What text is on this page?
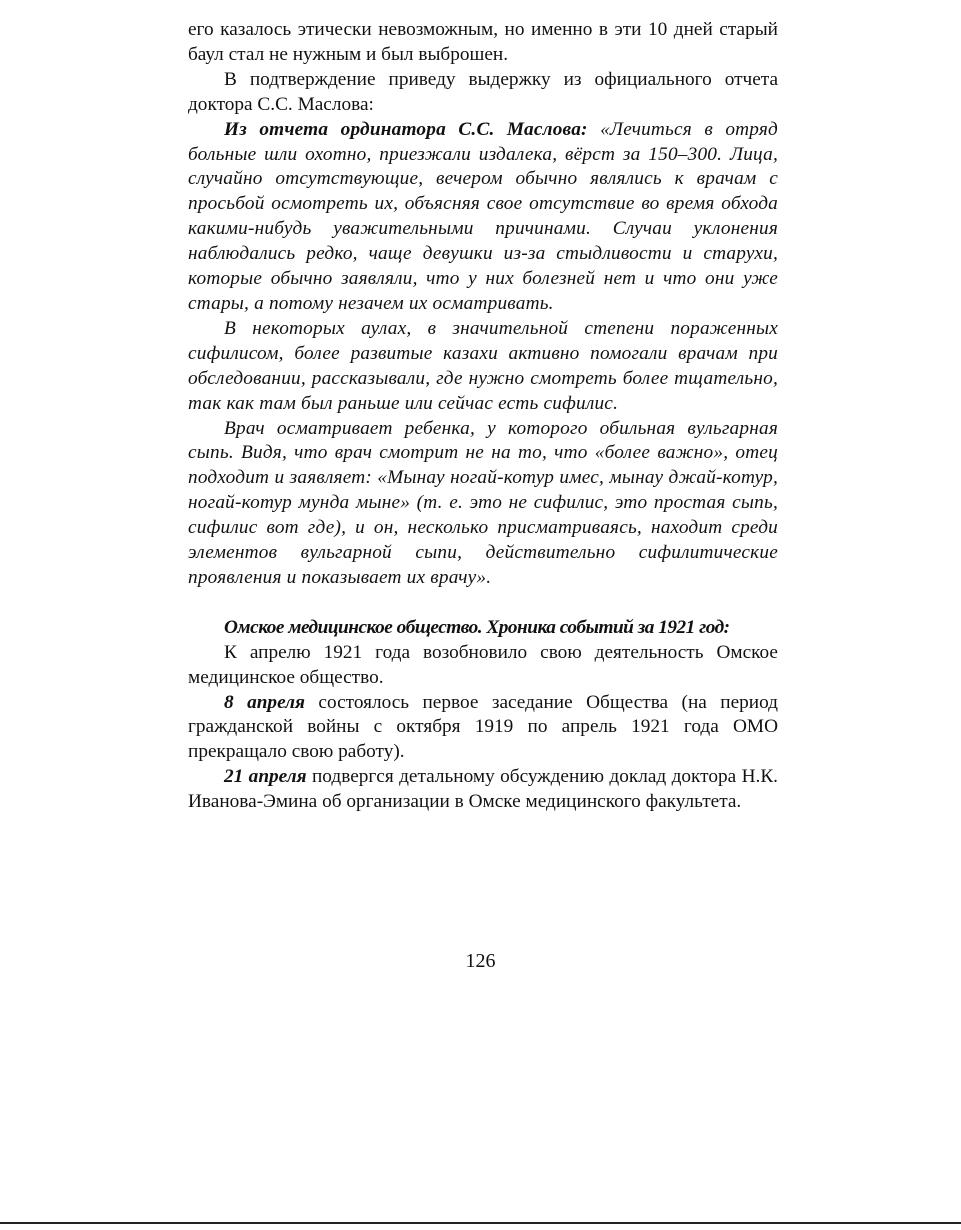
его казалось этически невозможным, но именно в эти 10 дней старый баул стал не нужным и был выброшен.

В подтверждение приведу выдержку из официального отчета доктора С.С. Маслова:

Из отчета ординатора С.С. Маслова: «Лечиться в отряд больные шли охотно, приезжали издалека, вёрст за 150–300. Лица, случайно отсутствующие, вечером обычно являлись к врачам с просьбой осмотреть их, объясняя свое отсутствие во время обхода какими-нибудь уважительными причинами. Случаи уклонения наблюдались редко, чаще девушки из-за стыдливости и старухи, которые обычно заявляли, что у них болезней нет и что они уже стары, а потому незачем их осматривать.

В некоторых аулах, в значительной степени пораженных сифилисом, более развитые казахи активно помогали врачам при обследовании, рассказывали, где нужно смотреть более тщательно, так как там был раньше или сейчас есть сифилис.

Врач осматривает ребенка, у которого обильная вульгарная сыпь. Видя, что врач смотрит не на то, что «более важно», отец подходит и заявляет: «Мынау ногай-котур имес, мынау джай-котур, ногай-котур мунда мыне» (т. е. это не сифилис, это простая сыпь, сифилис вот где), и он, несколько присматриваясь, находит среди элементов вульгарной сыпи, действительно сифилитические проявления и показывает их врачу».

Омское медицинское общество. Хроника событий за 1921 год:

К апрелю 1921 года возобновило свою деятельность Омское медицинское общество.

8 апреля состоялось первое заседание Общества (на период гражданской войны с октября 1919 по апрель 1921 года ОМО прекращало свою работу).

21 апреля подвергся детальному обсуждению доклад доктора Н.К. Иванова-Эмина об организации в Омске медицинского факультета.

126
